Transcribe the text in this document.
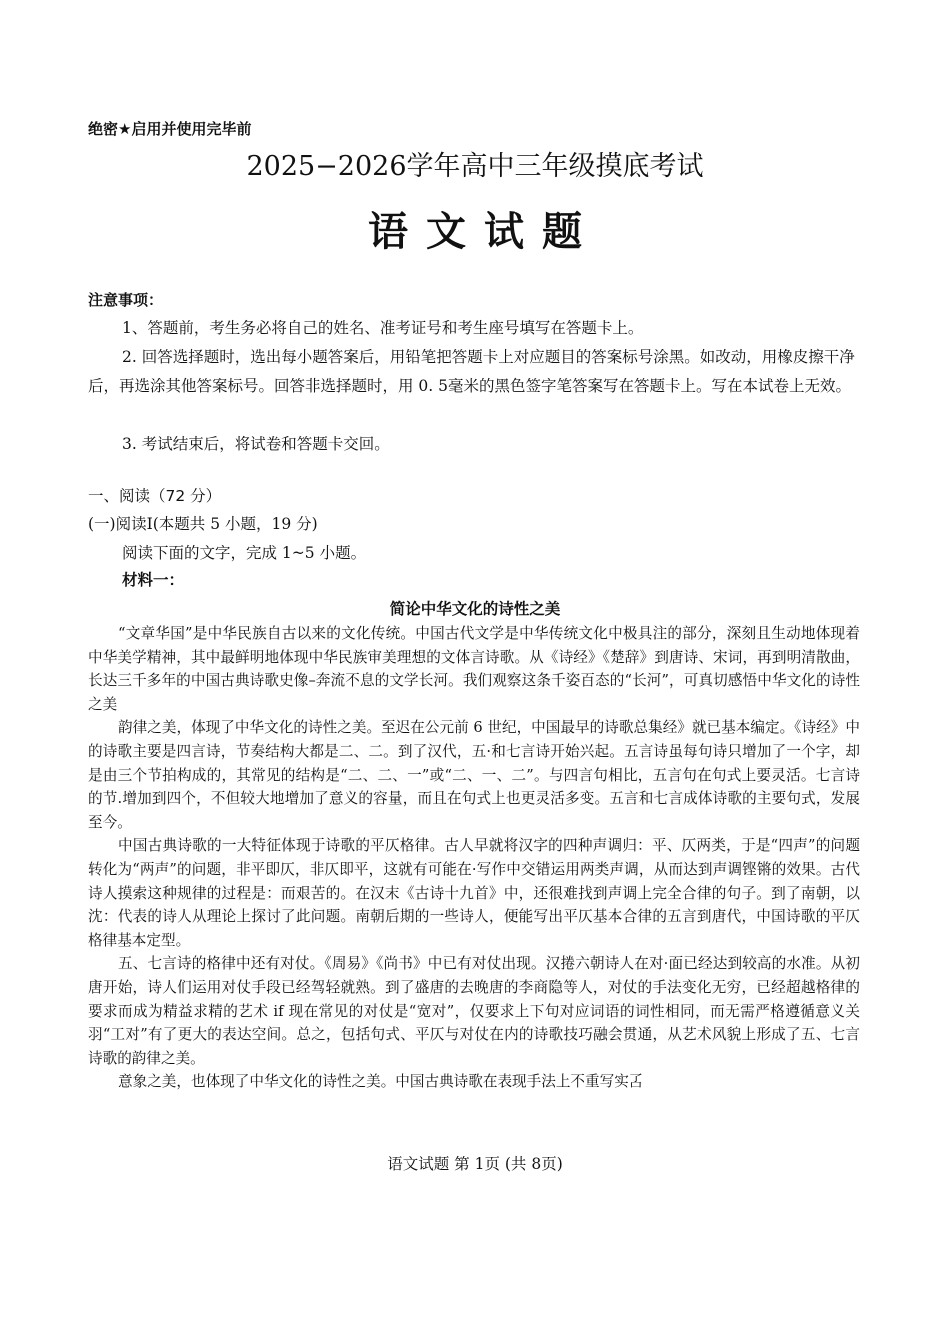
绝密★启用并使用完毕前
2025−2026学年高中三年级摸底考试
语文试题
注意事项：
1、答题前，考生务必将自己的姓名、准考证号和考生座号填写在答题卡上。
2. 回答选择题时，选出每小题答案后，用铅笔把答题卡上对应题目的答案标号涂黑。如改动，用橡皮擦干净后，再选涂其他答案标号。回答非选择题时，用 0. 5毫米的黑色签字笔答案写在答题卡上。写在本试卷上无效。
3. 考试结束后，将试卷和答题卡交回。
一、阅读（72 分）
(一)阅读Ⅰ(本题共 5 小题，19 分)
阅读下面的文字，完成 1~5 小题。
材料一：
简论中华文化的诗性之美

“文章华国”是中华民族自古以来的文化传统。中国古代文学是中华传统文化中极具注的部分，深刻且生动地体现着中华美学精神，其中最鲜明地体现中华民族审美理想的文体言诗歌。从《诗经》《楚辞》到唐诗、宋词，再到明清散曲，长达三千多年的中国古典诗歌史像–奔流不息的文学长河。我们观察这条千姿百态的“长河”，可真切感悟中华文化的诗性之美

韵律之美，体现了中华文化的诗性之美。至迟在公元前 6 世纪，中国最早的诗歌总集经》就已基本编定。《诗经》中的诗歌主要是四言诗，节奏结构大都是二、二。到了汉代，五·和七言诗开始兴起。五言诗虽每句诗只增加了一个字，却是由三个节拍构成的，其常见的结构是“二、二、一”或“二、一、二”。与四言句相比，五言句在句式上要灵活。七言诗的节.增加到四个，不但较大地增加了意义的容量，而且在句式上也更灵活多变。五言和七言成体诗歌的主要句式，发展至今。

中国古典诗歌的一大特征体现于诗歌的平仄格律。古人早就将汉字的四种声调归：平、仄两类，于是“四声”的问题转化为“两声”的问题，非平即仄，非仄即平，这就有可能在·写作中交错运用两类声调，从而达到声调铿锵的效果。古代诗人摸索这种规律的过程是：而艰苦的。在汉末《古诗十九首》中，还很难找到声调上完全合律的句子。到了南朝，以沈：代表的诗人从理论上探讨了此问题。南朝后期的一些诗人，便能写出平仄基本合律的五言到唐代，中国诗歌的平仄格律基本定型。

五、七言诗的格律中还有对仗。《周易》《尚书》中已有对仗出现。汉捲六朝诗人在对·面已经达到较高的水准。从初唐开始，诗人们运用对仗手段已经驾轻就熟。到了盛唐的去晚唐的李商隐等人，对仗的手法变化无穷，已经超越格律的要求而成为精益求精的艺术 if 现在常见的对仗是“宽对”，仅要求上下句对应词语的词性相同，而无需严格遵循意义关羽“工对”有了更大的表达空间。总之，包括句式、平仄与对仗在内的诗歌技巧融会贯通，从艺术风貌上形成了五、七言诗歌的韵律之美。

意象之美，也体现了中华文化的诗性之美。中国古典诗歌在表现手法上不重写实叾

语文试题 第 1页 (共 8页)
